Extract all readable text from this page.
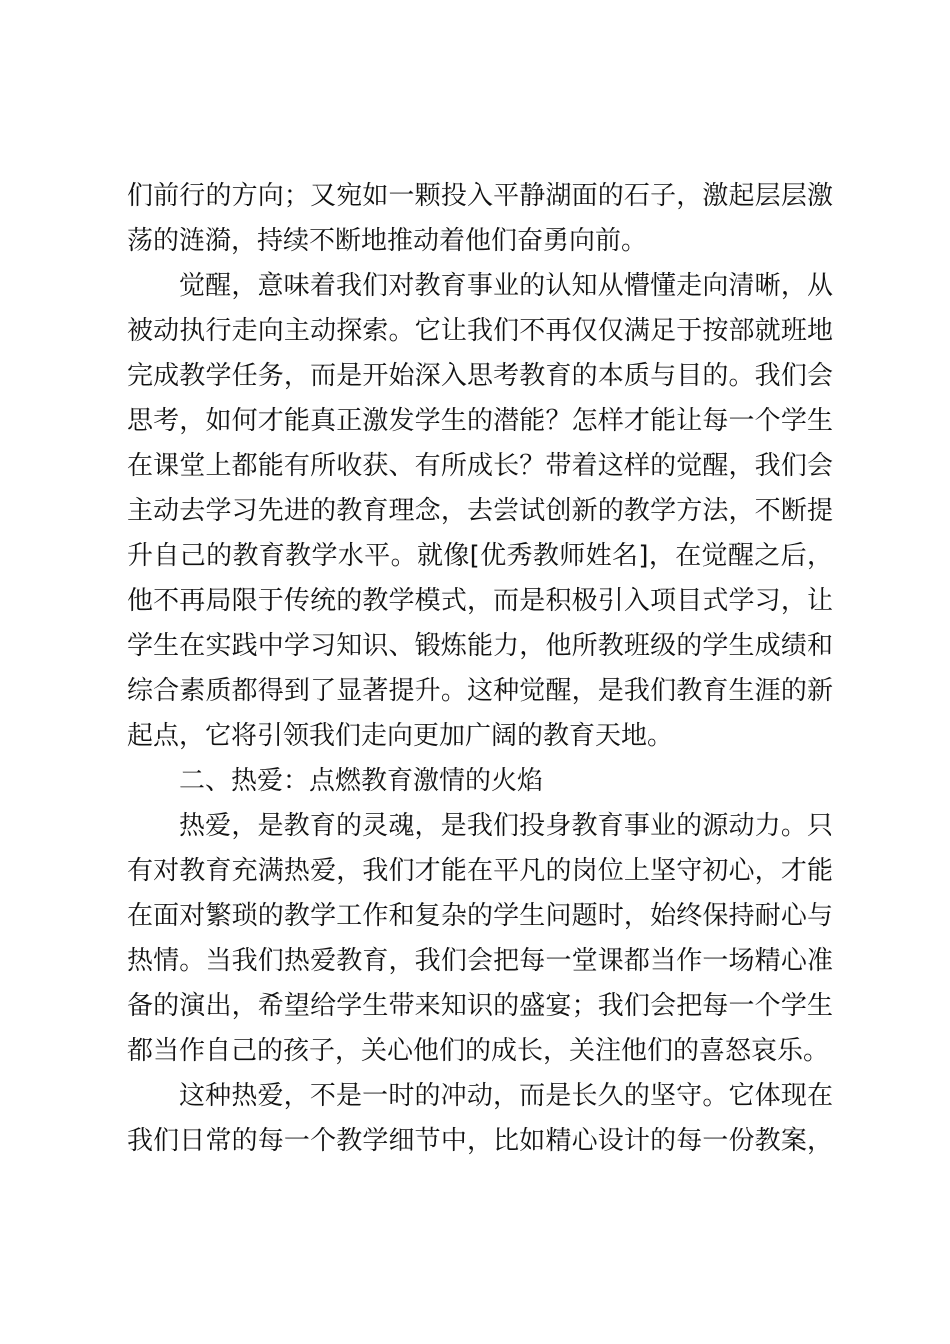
们前行的方向；又宛如一颗投入平静湖面的石子，激起层层激
荡的涟漪，持续不断地推动着他们奋勇向前。
觉醒，意味着我们对教育事业的认知从懵懂走向清晰，从
被动执行走向主动探索。它让我们不再仅仅满足于按部就班地
完成教学任务，而是开始深入思考教育的本质与目的。我们会
思考，如何才能真正激发学生的潜能？怎样才能让每一个学生
在课堂上都能有所收获、有所成长？带着这样的觉醒，我们会
主动去学习先进的教育理念，去尝试创新的教学方法，不断提
升自己的教育教学水平。就像[优秀教师姓名]，在觉醒之后，
他不再局限于传统的教学模式，而是积极引入项目式学习，让
学生在实践中学习知识、锻炼能力，他所教班级的学生成绩和
综合素质都得到了显著提升。这种觉醒，是我们教育生涯的新
起点，它将引领我们走向更加广阔的教育天地。
二、热爱：点燃教育激情的火焰
热爱，是教育的灵魂，是我们投身教育事业的源动力。只
有对教育充满热爱，我们才能在平凡的岗位上坚守初心，才能
在面对繁琐的教学工作和复杂的学生问题时，始终保持耐心与
热情。当我们热爱教育，我们会把每一堂课都当作一场精心准
备的演出，希望给学生带来知识的盛宴；我们会把每一个学生
都当作自己的孩子，关心他们的成长，关注他们的喜怒哀乐。
这种热爱，不是一时的冲动，而是长久的坚守。它体现在
我们日常的每一个教学细节中，比如精心设计的每一份教案，
